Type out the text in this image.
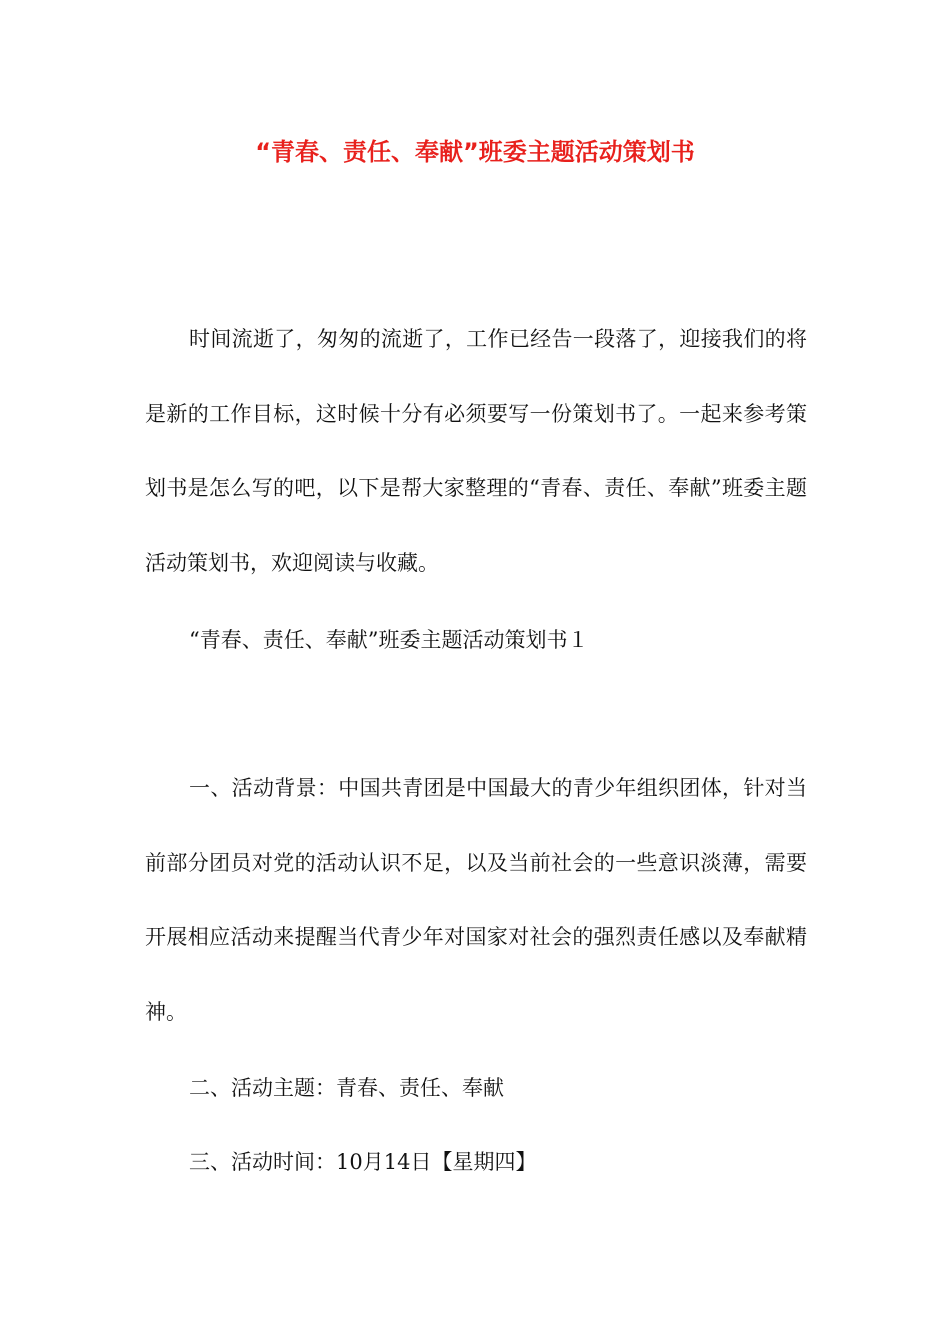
“青春、责任、奉献”班委主题活动策划书

时间流逝了，匆匆的流逝了，工作已经告一段落了，迎接我们的将是新的工作目标，这时候十分有必须要写一份策划书了。一起来参考策划书是怎么写的吧，以下是帮大家整理的“青春、责任、奉献”班委主题活动策划书，欢迎阅读与收藏。

“青春、责任、奉献”班委主题活动策划书１

一、活动背景：中国共青团是中国最大的青少年组织团体，针对当前部分团员对党的活动认识不足，以及当前社会的一些意识淡薄，需要开展相应活动来提醒当代青少年对国家对社会的强烈责任感以及奉献精神。

二、活动主题：青春、责任、奉献

三、活动时间：10月14日【星期四】
